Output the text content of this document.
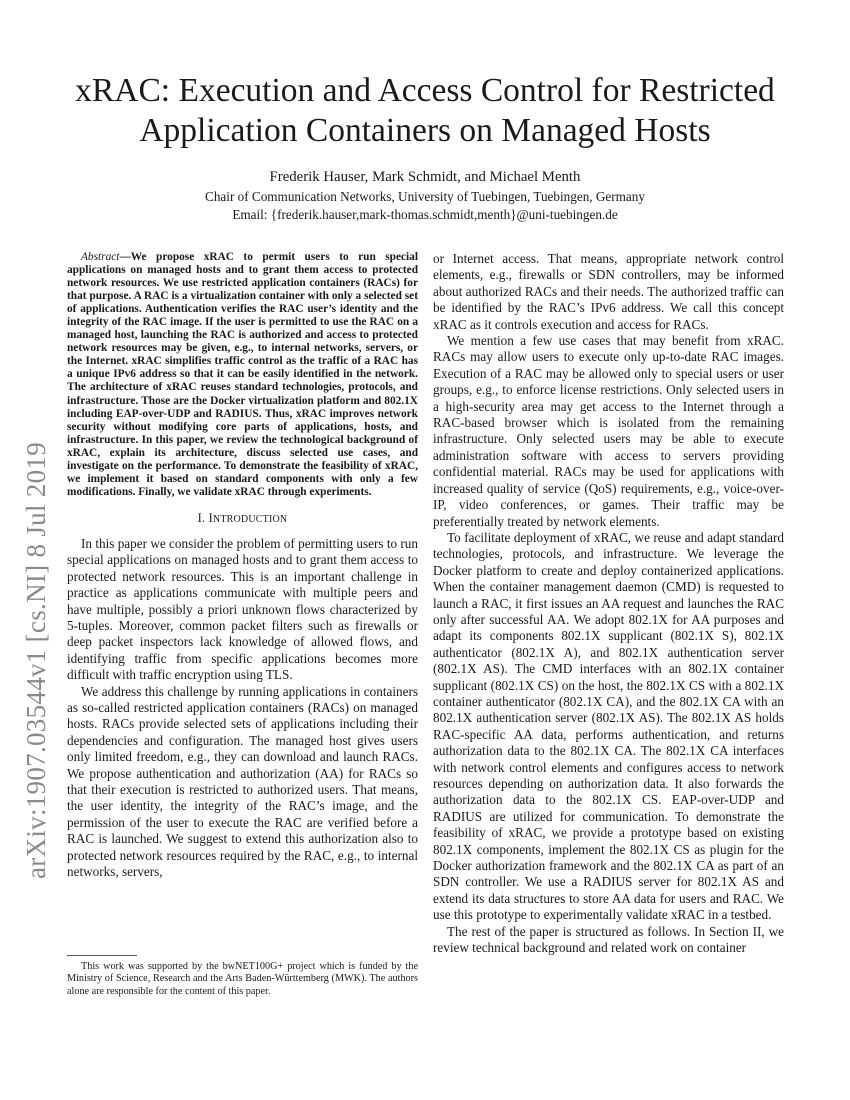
arXiv:1907.03544v1 [cs.NI] 8 Jul 2019
xRAC: Execution and Access Control for Restricted
Application Containers on Managed Hosts
Frederik Hauser, Mark Schmidt, and Michael Menth
Chair of Communication Networks, University of Tuebingen, Tuebingen, Germany
Email: {frederik.hauser,mark-thomas.schmidt,menth}@uni-tuebingen.de

Abstract—We propose xRAC to permit users to run special applications on managed hosts and to grant them access to protected network resources. We use restricted application containers (RACs) for that purpose. A RAC is a virtualization container with only a selected set of applications. Authentication verifies the RAC user’s identity and the integrity of the RAC image. If the user is permitted to use the RAC on a managed host, launching the RAC is authorized and access to protected network resources may be given, e.g., to internal networks, servers, or the Internet. xRAC simplifies traffic control as the traffic of a RAC has a unique IPv6 address so that it can be easily identified in the network. The architecture of xRAC reuses standard technologies, protocols, and infrastructure. Those are the Docker virtualization platform and 802.1X including EAP-over-UDP and RADIUS. Thus, xRAC improves network security without modifying core parts of applications, hosts, and infrastructure. In this paper, we review the technological background of xRAC, explain its architecture, discuss selected use cases, and investigate on the performance. To demonstrate the feasibility of xRAC, we implement it based on standard components with only a few modifications. Finally, we validate xRAC through experiments.

I. INTRODUCTION

In this paper we consider the problem of permitting users to run special applications on managed hosts and to grant them access to protected network resources. This is an important challenge in practice as applications communicate with multiple peers and have multiple, possibly a priori unknown flows characterized by 5-tuples. Moreover, common packet filters such as firewalls or deep packet inspectors lack knowledge of allowed flows, and identifying traffic from specific applications becomes more difficult with traffic encryption using TLS.

We address this challenge by running applications in containers as so-called restricted application containers (RACs) on managed hosts. RACs provide selected sets of applications including their dependencies and configuration. The managed host gives users only limited freedom, e.g., they can download and launch RACs. We propose authentication and authorization (AA) for RACs so that their execution is restricted to authorized users. That means, the user identity, the integrity of the RAC’s image, and the permission of the user to execute the RAC are verified before a RAC is launched. We suggest to extend this authorization also to protected network resources required by the RAC, e.g., to internal networks, servers,

This work was supported by the bwNET100G+ project which is funded by the Ministry of Science, Research and the Arts Baden-Württemberg (MWK). The authors alone are responsible for the content of this paper.

or Internet access. That means, appropriate network control elements, e.g., firewalls or SDN controllers, may be informed about authorized RACs and their needs. The authorized traffic can be identified by the RAC’s IPv6 address. We call this concept xRAC as it controls execution and access for RACs.

We mention a few use cases that may benefit from xRAC. RACs may allow users to execute only up-to-date RAC images. Execution of a RAC may be allowed only to special users or user groups, e.g., to enforce license restrictions. Only selected users in a high-security area may get access to the Internet through a RAC-based browser which is isolated from the remaining infrastructure. Only selected users may be able to execute administration software with access to servers providing confidential material. RACs may be used for applications with increased quality of service (QoS) requirements, e.g., voice-over-IP, video conferences, or games. Their traffic may be preferentially treated by network elements.

To facilitate deployment of xRAC, we reuse and adapt standard technologies, protocols, and infrastructure. We leverage the Docker platform to create and deploy containerized applications. When the container management daemon (CMD) is requested to launch a RAC, it first issues an AA request and launches the RAC only after successful AA. We adopt 802.1X for AA purposes and adapt its components 802.1X supplicant (802.1X S), 802.1X authenticator (802.1X A), and 802.1X authentication server (802.1X AS). The CMD interfaces with an 802.1X container supplicant (802.1X CS) on the host, the 802.1X CS with a 802.1X container authenticator (802.1X CA), and the 802.1X CA with an 802.1X authentication server (802.1X AS). The 802.1X AS holds RAC-specific AA data, performs authentication, and returns authorization data to the 802.1X CA. The 802.1X CA interfaces with network control elements and configures access to network resources depending on authorization data. It also forwards the authorization data to the 802.1X CS. EAP-over-UDP and RADIUS are utilized for communication. To demonstrate the feasibility of xRAC, we provide a prototype based on existing 802.1X components, implement the 802.1X CS as plugin for the Docker authorization framework and the 802.1X CA as part of an SDN controller. We use a RADIUS server for 802.1X AS and extend its data structures to store AA data for users and RAC. We use this prototype to experimentally validate xRAC in a testbed.

The rest of the paper is structured as follows. In Section II, we review technical background and related work on container
